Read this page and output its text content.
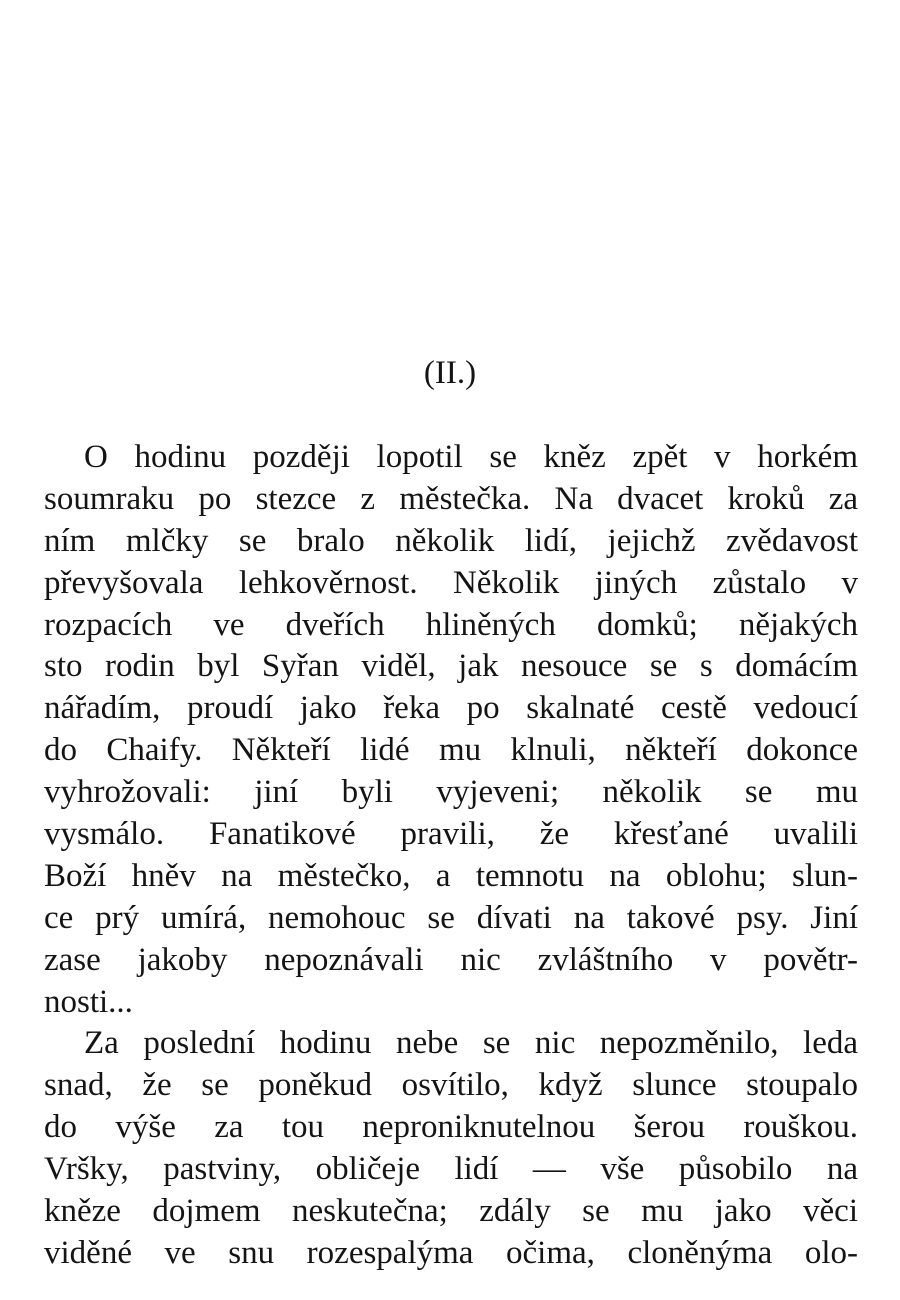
(II.)
O hodinu později lopotil se kněz zpět v horkém
soumraku po stezce z městečka. Na dvacet kroků za
ním mlčky se bralo několik lidí, jejichž zvědavost
převyšovala lehkověrnost. Několik jiných zůstalo v
rozpacích ve dveřích hliněných domků; nějakých
sto rodin byl Syřan viděl, jak nesouce se s domácím
nářadím, proudí jako řeka po skalnaté cestě vedoucí
do Chaify. Někteří lidé mu klnuli, někteří dokonce
vyhrožovali: jiní byli vyjeveni; několik se mu
vysmálo. Fanatikové pravili, že křesťané uvalili
Boží hněv na městečko, a temnotu na oblohu; slun-
ce prý umírá, nemohouc se dívati na takové psy. Jiní
zase jakoby nepoznávali nic zvláštního v povětr-
nosti...
Za poslední hodinu nebe se nic nepozměnilo, leda
snad, že se poněkud osvítilo, když slunce stoupalo
do výše za tou neproniknutelnou šerou rouškou.
Vršky, pastviny, obličeje lidí — vše působilo na
kněze dojmem neskutečna; zdály se mu jako věci
viděné ve snu rozespalýma očima, cloněnýma olo-
